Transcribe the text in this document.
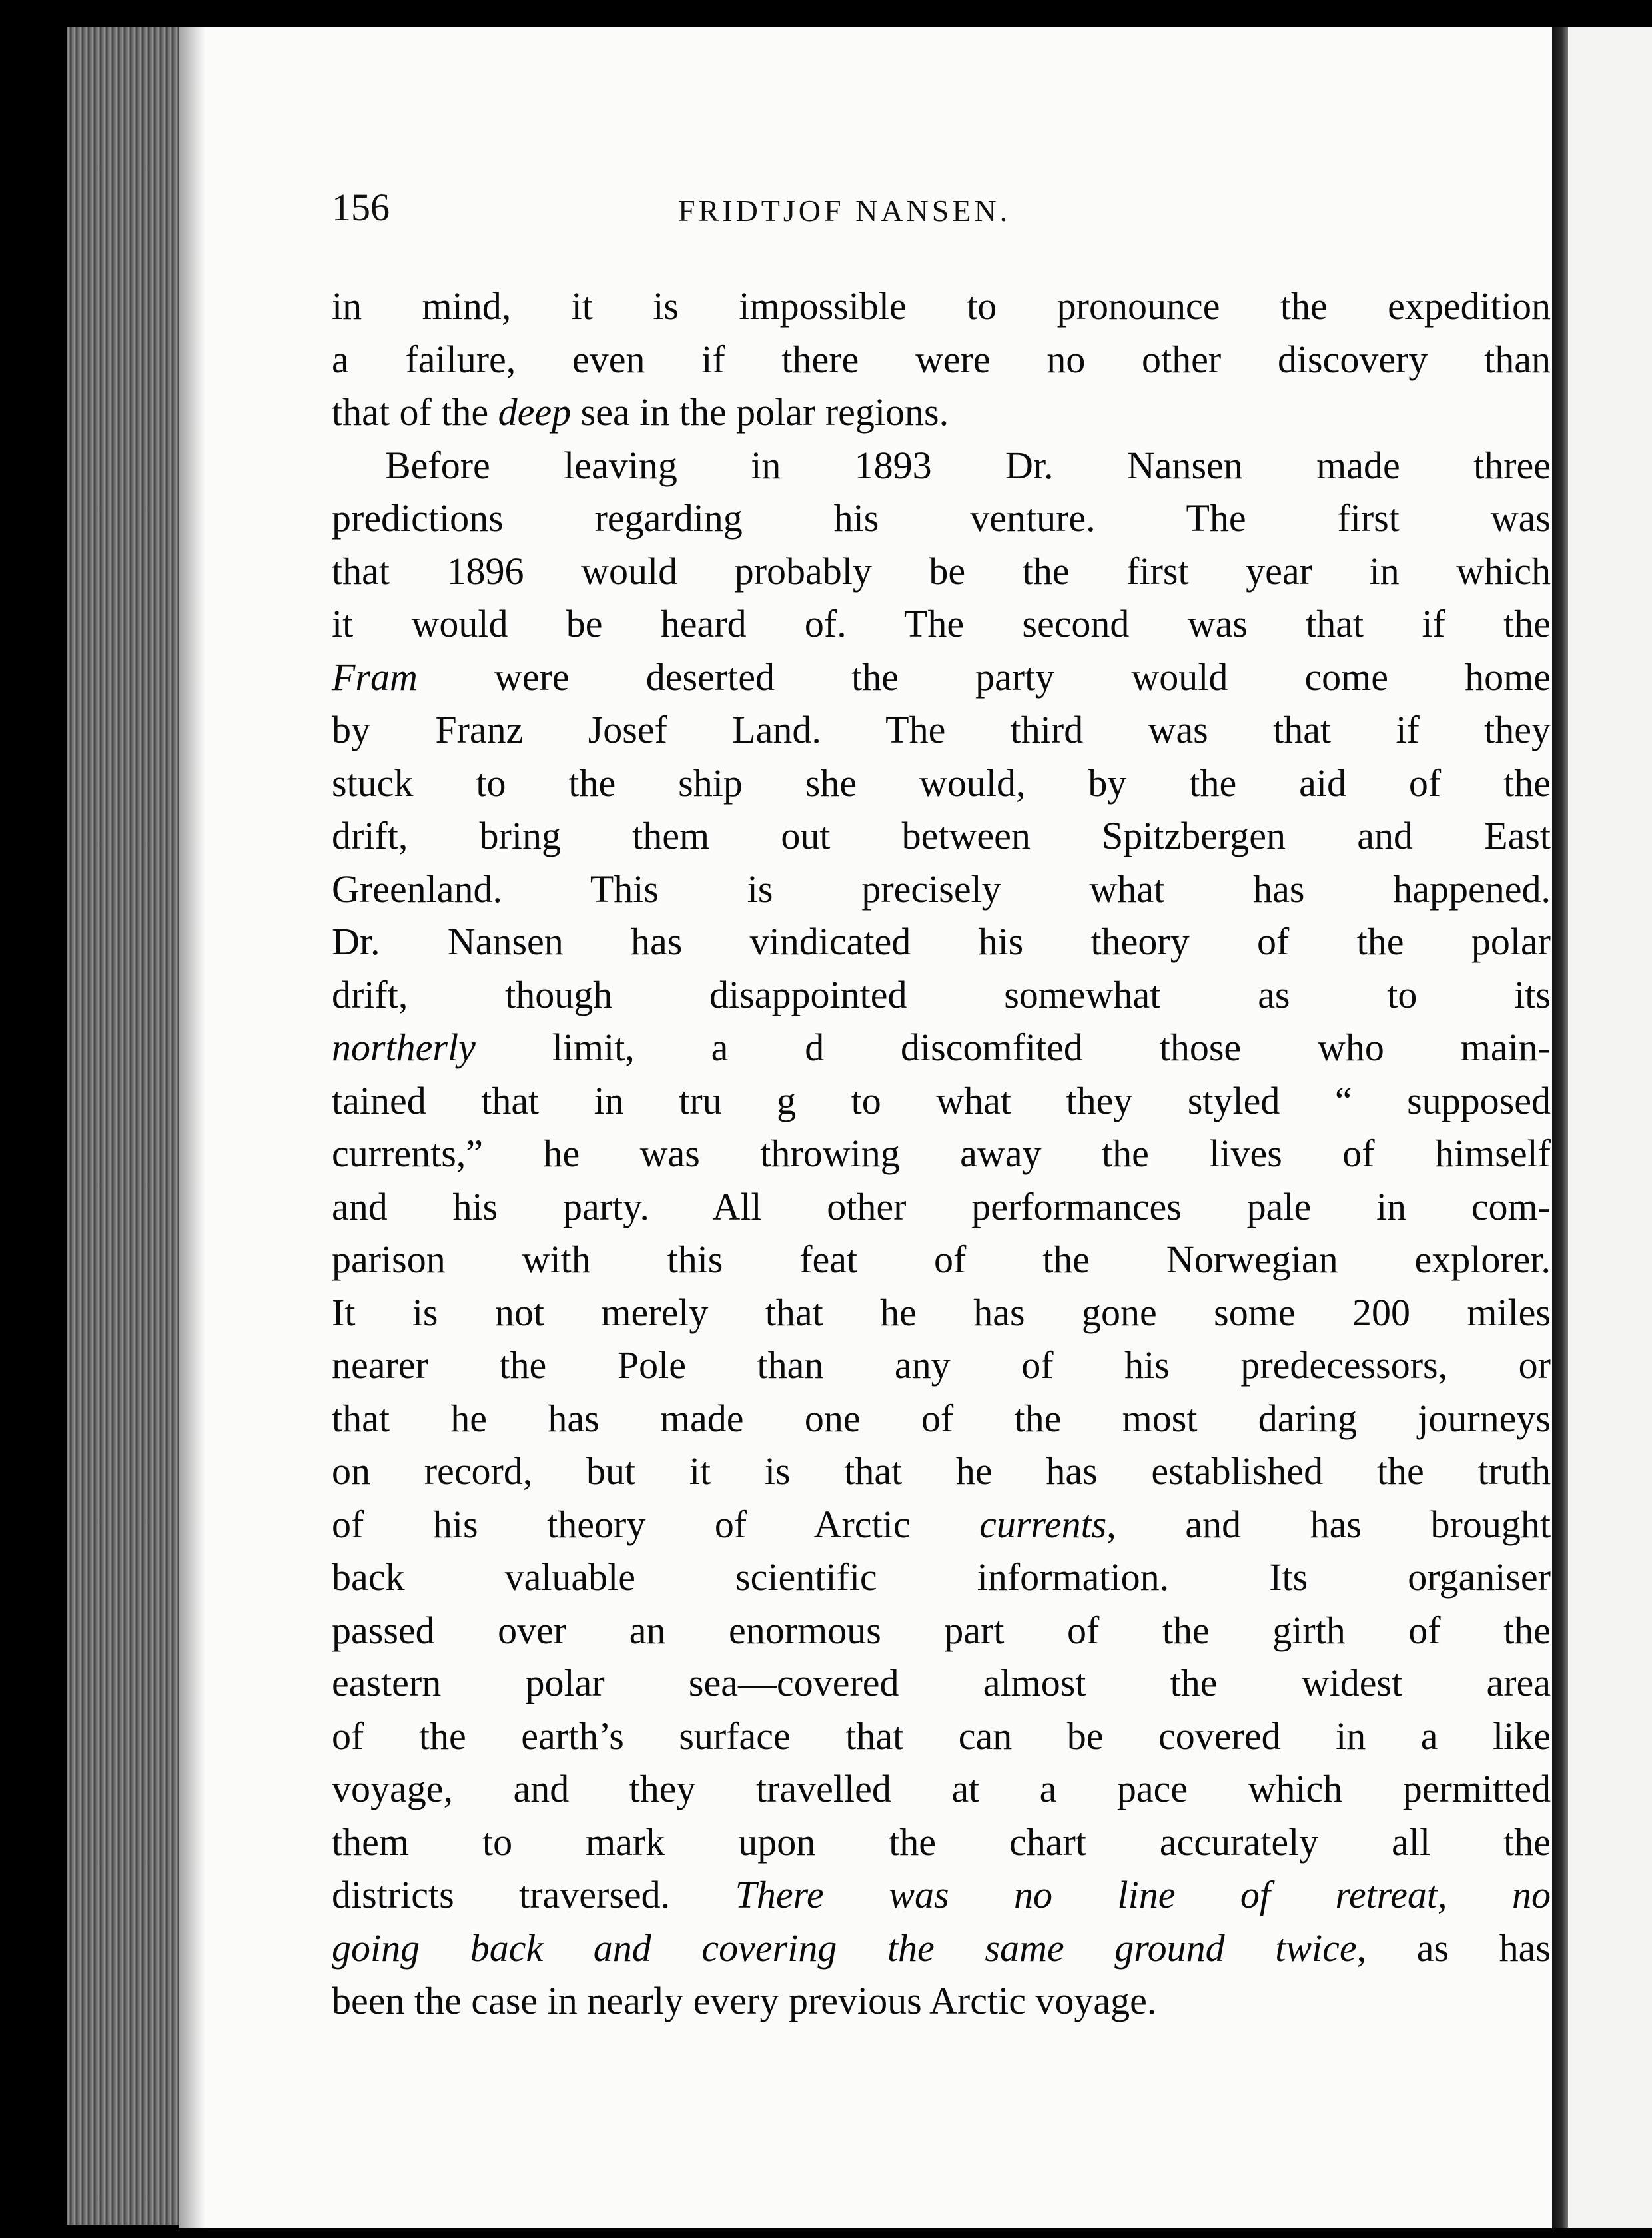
156	FRIDTJOF NANSEN.
in mind, it is impossible to pronounce the expedition
a failure, even if there were no other discovery than
that of the deep sea in the polar regions.
Before leaving in 1893 Dr. Nansen made three
predictions regarding his venture. The first was
that 1896 would probably be the first year in which
it would be heard of. The second was that if the
Fram were deserted the party would come home
by Franz Josef Land. The third was that if they
stuck to the ship she would, by the aid of the
drift, bring them out between Spitzbergen and East
Greenland. This is precisely what has happened.
Dr. Nansen has vindicated his theory of the polar
drift, though disappointed somewhat as to its
northerly limit, a d discomfited those who main-
tained that in tru g to what they styled “ supposed
currents,” he was throwing away the lives of himself
and his party. All other performances pale in com-
parison with this feat of the Norwegian explorer.
It is not merely that he has gone some 200 miles
nearer the Pole than any of his predecessors, or
that he has made one of the most daring journeys
on record, but it is that he has established the truth
of his theory of Arctic currents, and has brought
back valuable scientific information. Its organiser
passed over an enormous part of the girth of the
eastern polar sea—covered almost the widest area
of the earth’s surface that can be covered in a like
voyage, and they travelled at a pace which permitted
them to mark upon the chart accurately all the
districts traversed. There was no line of retreat, no
going back and covering the same ground twice, as has
been the case in nearly every previous Arctic voyage.
